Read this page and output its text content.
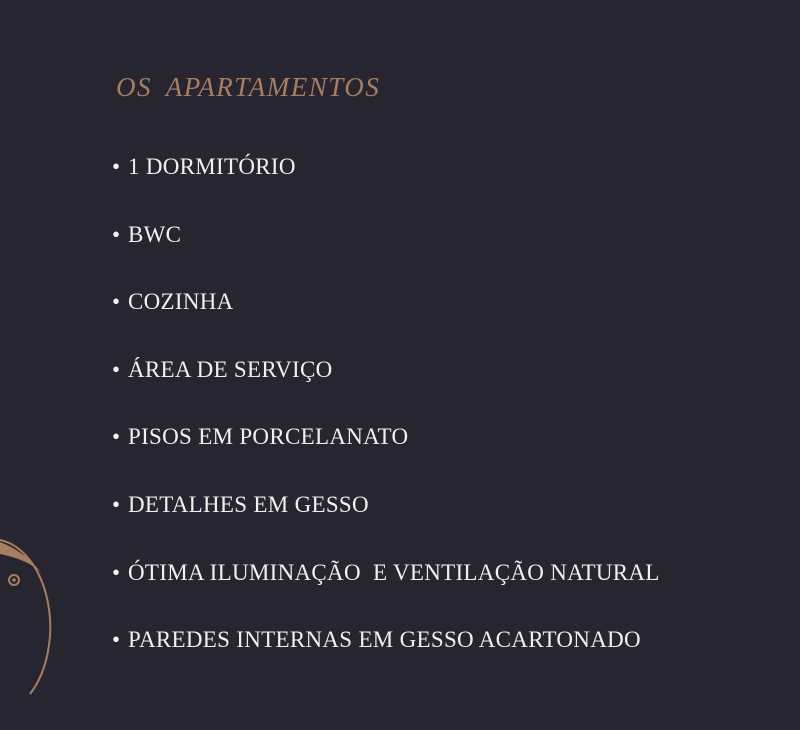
OS APARTAMENTOS
• 1 DORMITÓRIO
• BWC
• COZINHA
• ÁREA DE SERVIÇO
• PISOS EM PORCELANATO
• DETALHES EM GESSO
• ÓTIMA ILUMINAÇÃO  E VENTILAÇÃO NATURAL
• PAREDES INTERNAS EM GESSO ACARTONADO
